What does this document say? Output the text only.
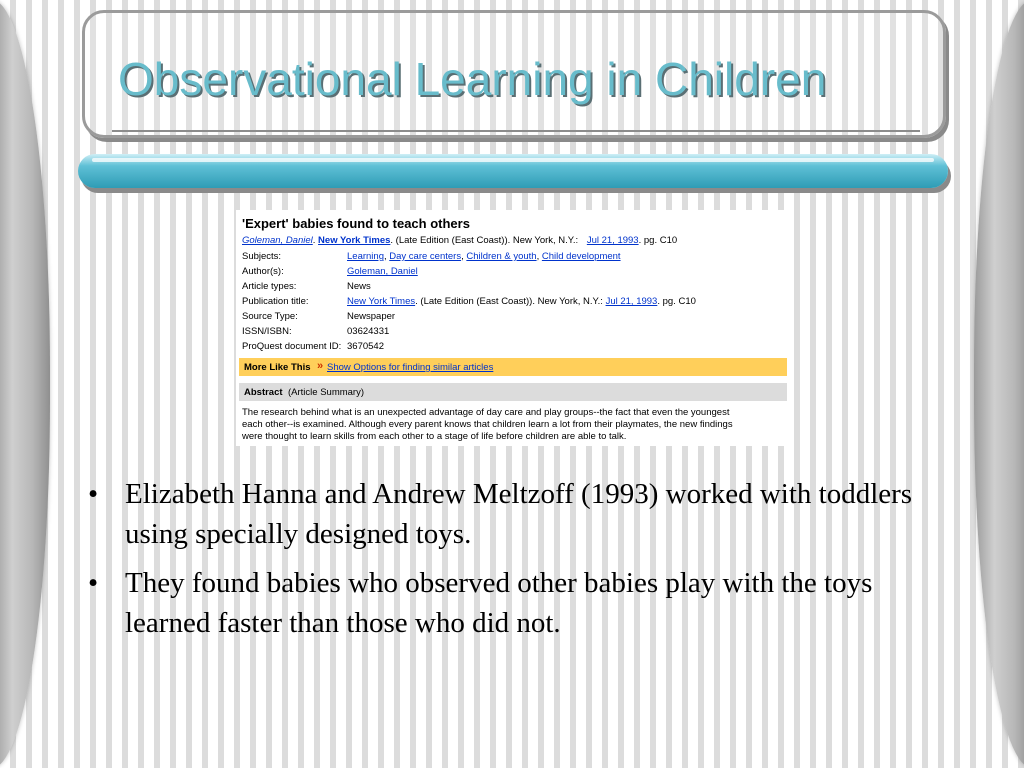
Observational Learning in Children
'Expert' babies found to teach others
Goleman, Daniel. New York Times. (Late Edition (East Coast)). New York, N.Y.: Jul 21, 1993. pg. C10
Subjects:	Learning, Day care centers, Children & youth, Child development
Author(s):	Goleman, Daniel
Article types:	News
Publication title:	New York Times. (Late Edition (East Coast)). New York, N.Y.: Jul 21, 1993. pg. C10
Source Type:	Newspaper
ISSN/ISBN:	03624331
ProQuest document ID: 3670542
More Like This » Show Options for finding similar articles
Abstract (Article Summary)
The research behind what is an unexpected advantage of day care and play groups--the fact that even the youngest
each other--is examined. Although every parent knows that children learn a lot from their playmates, the new findings
were thought to learn skills from each other to a stage of life before children are able to talk.
• Elizabeth Hanna and Andrew Meltzoff (1993) worked with toddlers using specially designed toys.
• They found babies who observed other babies play with the toys learned faster than those who did not.
